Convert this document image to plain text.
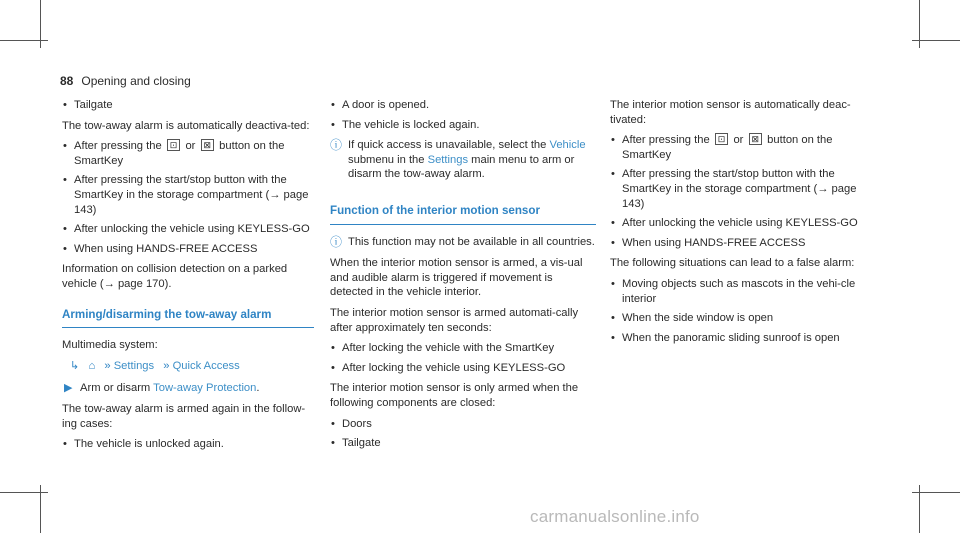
88 Opening and closing
• Tailgate

The tow-away alarm is automatically deactiva-ted:

• After pressing the ⊡ or ⊠ button on the SmartKey
• After pressing the start/stop button with the SmartKey in the storage compartment (→ page 143)
• After unlocking the vehicle using KEYLESS-GO
• When using HANDS-FREE ACCESS

Information on collision detection on a parked vehicle (→ page 170).

Arming/disarming the tow-away alarm

Multimedia system:

↳ ⌂ » Settings » Quick Access
▶ Arm or disarm Tow-away Protection.

The tow-away alarm is armed again in the follow-ing cases:

• The vehicle is unlocked again.
• A door is opened.
• The vehicle is locked again.
ⓘ If quick access is unavailable, select the Vehicle submenu in the Settings main menu to arm or disarm the tow-away alarm.
Function of the interior motion sensor
ⓘ This function may not be available in all countries.

When the interior motion sensor is armed, a vis-ual and audible alarm is triggered if movement is detected in the vehicle interior.

The interior motion sensor is armed automati-cally after approximately ten seconds:

• After locking the vehicle with the SmartKey
• After locking the vehicle using KEYLESS-GO

The interior motion sensor is only armed when the following components are closed:

• Doors
• Tailgate

The interior motion sensor is automatically deac-tivated:

• After pressing the ⊡ or ⊠ button on the SmartKey
• After pressing the start/stop button with the SmartKey in the storage compartment (→ page 143)
• After unlocking the vehicle using KEYLESS-GO
• When using HANDS-FREE ACCESS

The following situations can lead to a false alarm:

• Moving objects such as mascots in the vehi-cle interior
• When the side window is open
• When the panoramic sliding sunroof is open
carmanualsonline.info
